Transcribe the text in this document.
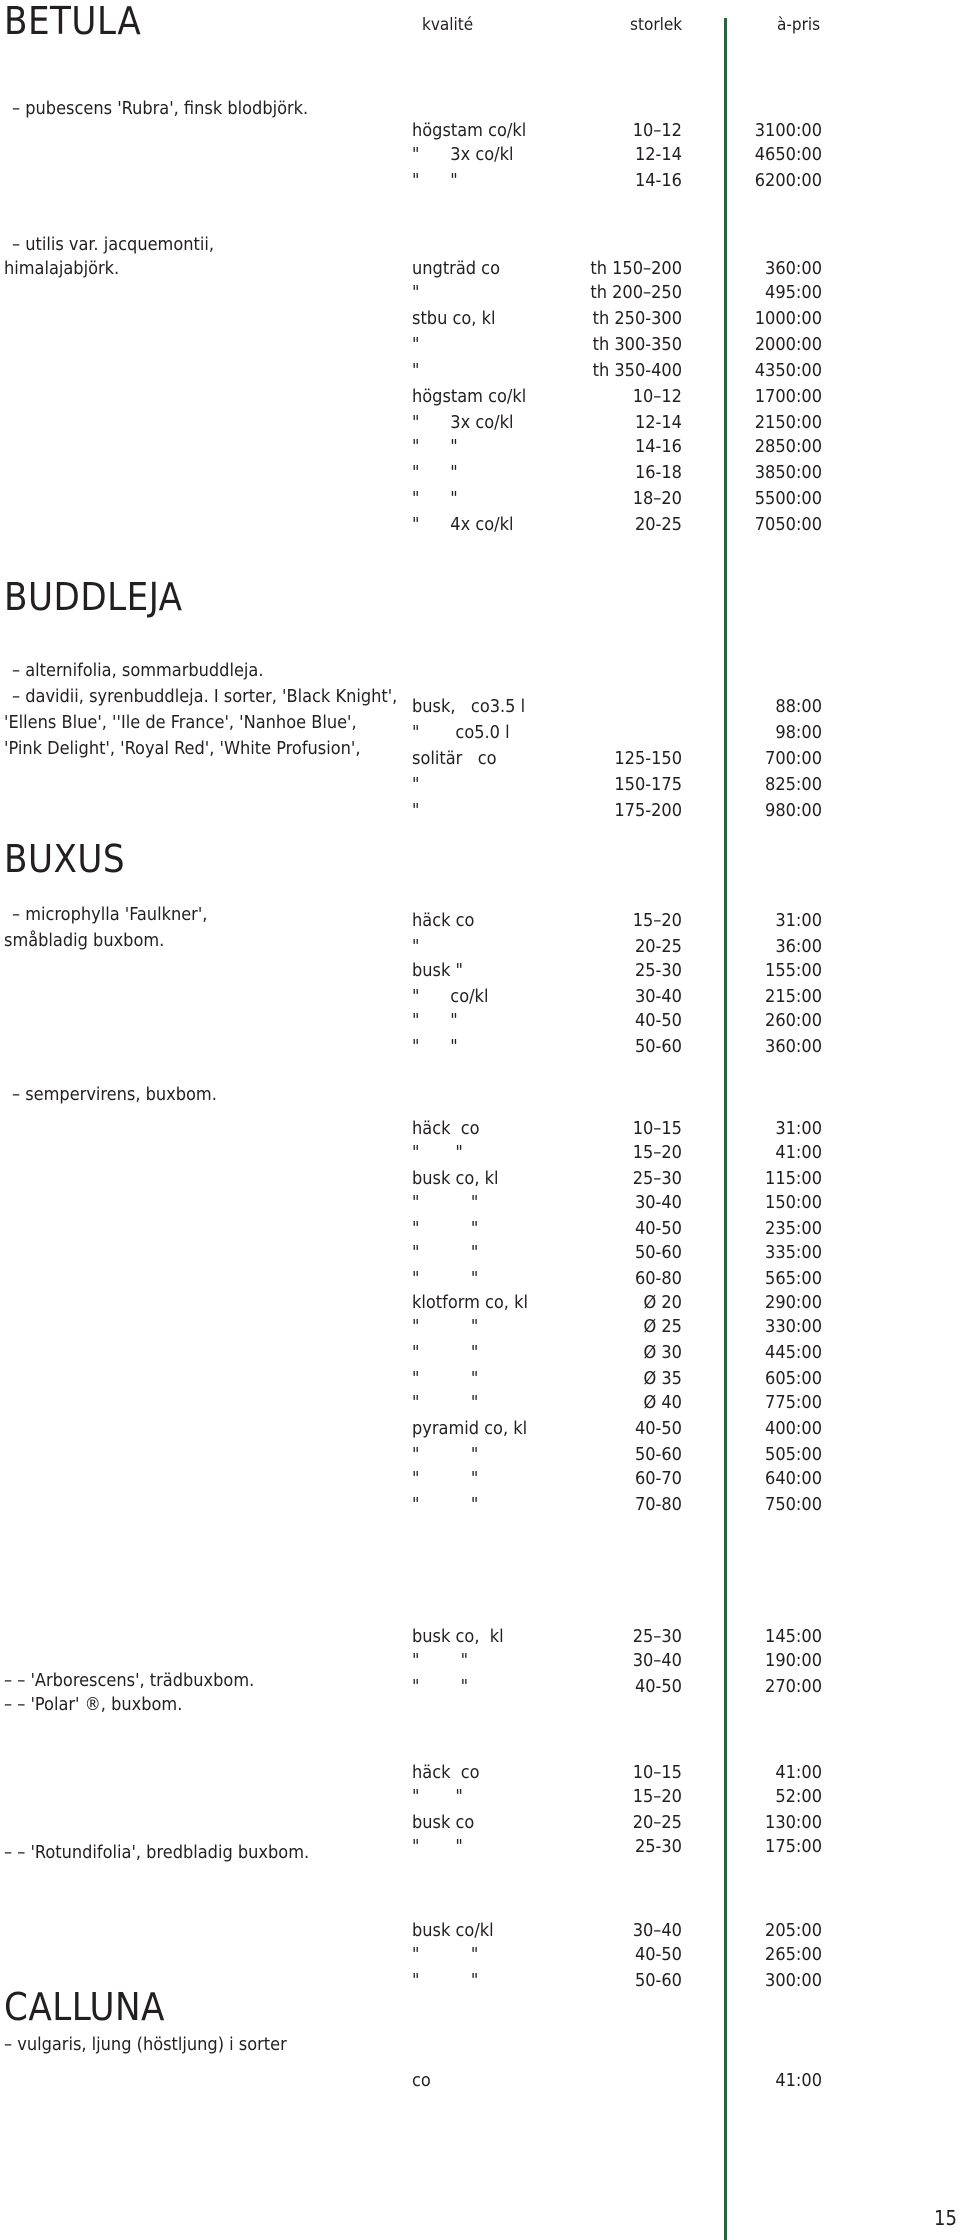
kvalité	storlek	à-pris
BETULA
BUDDLEJA
BUXUS
CALLUNA
– pubescens 'Rubra', finsk blodbjörk.
– utilis var. jacquemontii,
himalajabjörk.
– alternifolia, sommarbuddleja.
– davidii, syrenbuddleja. I sorter, 'Black Knight',
'Ellens Blue', ''Ile de France', 'Nanhoe Blue',
'Pink Delight', 'Royal Red', 'White Profusion',
– microphylla 'Faulkner',
småbladig buxbom.
– sempervirens, buxbom.
– – 'Arborescens', trädbuxbom.
– – 'Polar' ®, buxbom.
– – 'Rotundifolia', bredbladig buxbom.
– vulgaris, ljung (höstljung) i sorter
högstam co/kl	10–12	3100:00
"      3x co/kl	12-14	4650:00
"      "	14-16	6200:00
ungträd co	th 150–200	360:00
"	th 200–250	495:00
stbu co, kl	th 250-300	1000:00
"	th 300-350	2000:00
"	th 350-400	4350:00
högstam co/kl	10–12	1700:00
"      3x co/kl	12-14	2150:00
"      "	14-16	2850:00
"      "	16-18	3850:00
"      "	18–20	5500:00
"      4x co/kl	20-25	7050:00
busk,   co3.5 l	88:00
"       co5.0 l	98:00
solitär   co	125-150	700:00
"	150-175	825:00
"	175-200	980:00
häck co	15–20	31:00
"	20-25	36:00
busk "	25-30	155:00
"      co/kl	30-40	215:00
"      "	40-50	260:00
"      "	50-60	360:00
häck  co	10–15	31:00
"       "	15–20	41:00
busk co, kl	25–30	115:00
"          "	30-40	150:00
"          "	40-50	235:00
"          "	50-60	335:00
"          "	60-80	565:00
klotform co, kl	Ø 20	290:00
"          "	Ø 25	330:00
"          "	Ø 30	445:00
"          "	Ø 35	605:00
"          "	Ø 40	775:00
pyramid co, kl	40-50	400:00
"          "	50-60	505:00
"          "	60-70	640:00
"          "	70-80	750:00
busk co,  kl	25–30	145:00
"        "	30–40	190:00
"        "	40-50	270:00
häck  co	10–15	41:00
"       "	15–20	52:00
busk co	20–25	130:00
"       "	25-30	175:00
busk co/kl	30–40	205:00
"          "	40-50	265:00
"          "	50-60	300:00
co	41:00
15
